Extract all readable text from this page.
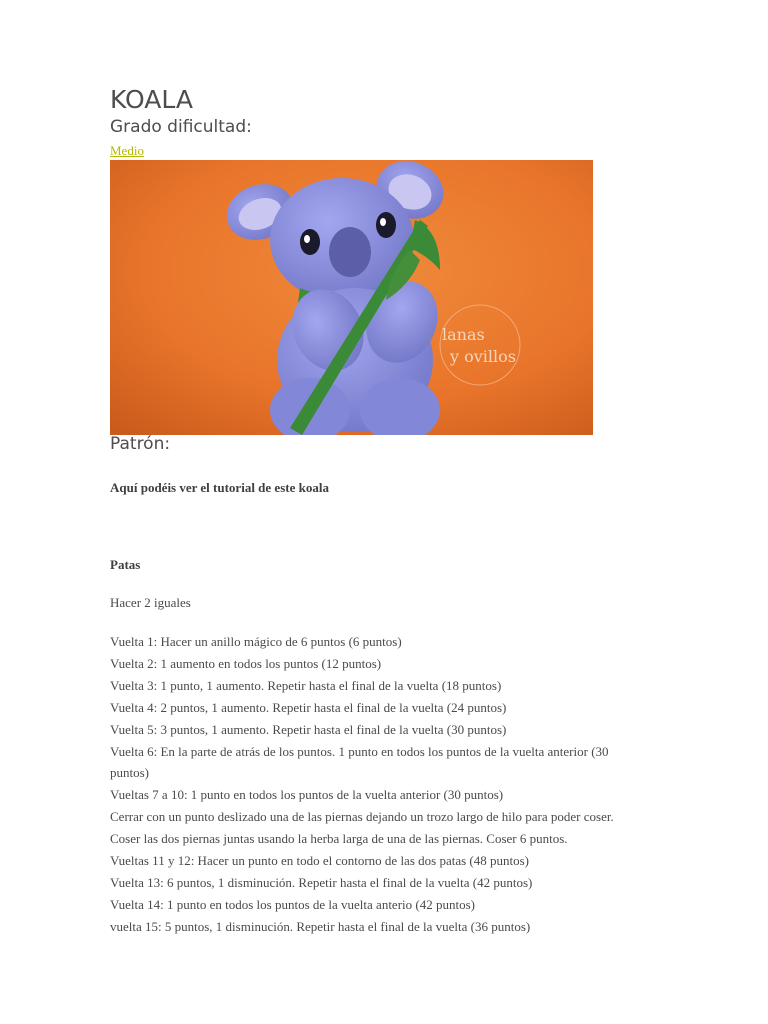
KOALA
Grado dificultad:
Medio
lanas
y ovillos
Patrón:

Aquí podéis ver el tutorial de este koala

Patas

Hacer 2 iguales

Vuelta 1: Hacer un anillo mágico de 6 puntos (6 puntos)
Vuelta 2: 1 aumento en todos los puntos (12 puntos)
Vuelta 3: 1 punto, 1 aumento. Repetir hasta el final de la vuelta (18 puntos)
Vuelta 4: 2 puntos, 1 aumento. Repetir hasta el final de la vuelta (24 puntos)
Vuelta 5: 3 puntos, 1 aumento. Repetir hasta el final de la vuelta (30 puntos)
Vuelta 6: En la parte de atrás de los puntos. 1 punto en todos los puntos de la vuelta anterior (30 puntos)
Vueltas 7 a 10: 1 punto en todos los puntos de la vuelta anterior (30 puntos)
Cerrar con un punto deslizado una de las piernas dejando un trozo largo de hilo para poder coser.
Coser las dos piernas juntas usando la herba larga de una de las piernas. Coser 6 puntos.
Vueltas 11 y 12: Hacer un punto en todo el contorno de las dos patas (48 puntos)
Vuelta 13: 6 puntos, 1 disminución. Repetir hasta el final de la vuelta (42 puntos)
Vuelta 14: 1 punto en todos los puntos de la vuelta anterio (42 puntos)
vuelta 15: 5 puntos, 1 disminución. Repetir hasta el final de la vuelta (36 puntos)
